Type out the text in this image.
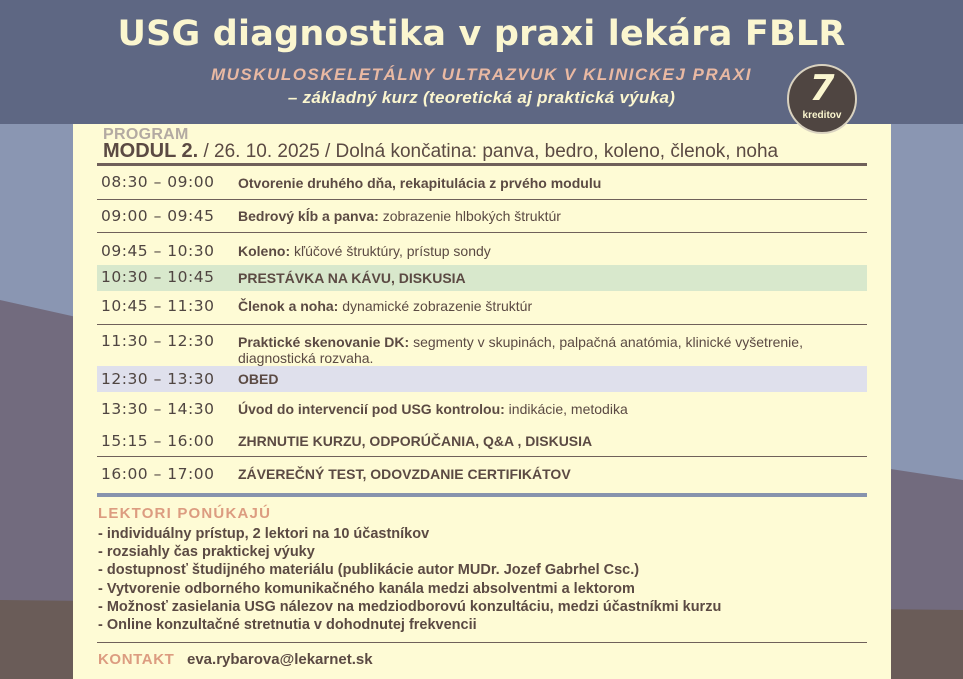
USG diagnostika v praxi lekára FBLR
MUSKULOSKELETÁLNY ULTRAZVUK V KLINICKEJ PRAXI
– základný kurz (teoretická aj praktická výuka)	7
kreditov
PROGRAM
MODUL 2. / 26. 10. 2025 / Dolná končatina: panva, bedro, koleno, členok, noha
08:30 – 09:00 Otvorenie druhého dňa, rekapitulácia z prvého modulu
09:00 – 09:45 Bedrový kĺb a panva: zobrazenie hlbokých štruktúr
09:45 – 10:30 Koleno: kľúčové štruktúry, prístup sondy
10:30 – 10:45 PRESTÁVKA NA KÁVU, DISKUSIA
10:45 – 11:30 Členok a noha: dynamické zobrazenie štruktúr
11:30 – 12:30 Praktické skenovanie DK: segmenty v skupinách, palpačná anatómia, klinické vyšetrenie, diagnostická rozvaha.
12:30 – 13:30 OBED
13:30 – 14:30 Úvod do intervencií pod USG kontrolou: indikácie, metodika
15:15 – 16:00 ZHRNUTIE KURZU, ODPORÚČANIA, Q&A , DISKUSIA
16:00 – 17:00 ZÁVEREČNÝ TEST, ODOVZDANIE CERTIFIKÁTOV
LEKTORI PONÚKAJÚ
- individuálny prístup, 2 lektori na 10 účastníkov
- rozsiahly čas praktickej výuky
- dostupnosť študijného materiálu (publikácie autor MUDr. Jozef Gabrhel Csc.)
- Vytvorenie odborného komunikačného kanála medzi absolventmi a lektorom
- Možnosť zasielania USG nálezov na medziodborovú konzultáciu, medzi účastníkmi kurzu
- Online konzultačné stretnutia v dohodnutej frekvencii
KONTAKT eva.rybarova@lekarnet.sk
